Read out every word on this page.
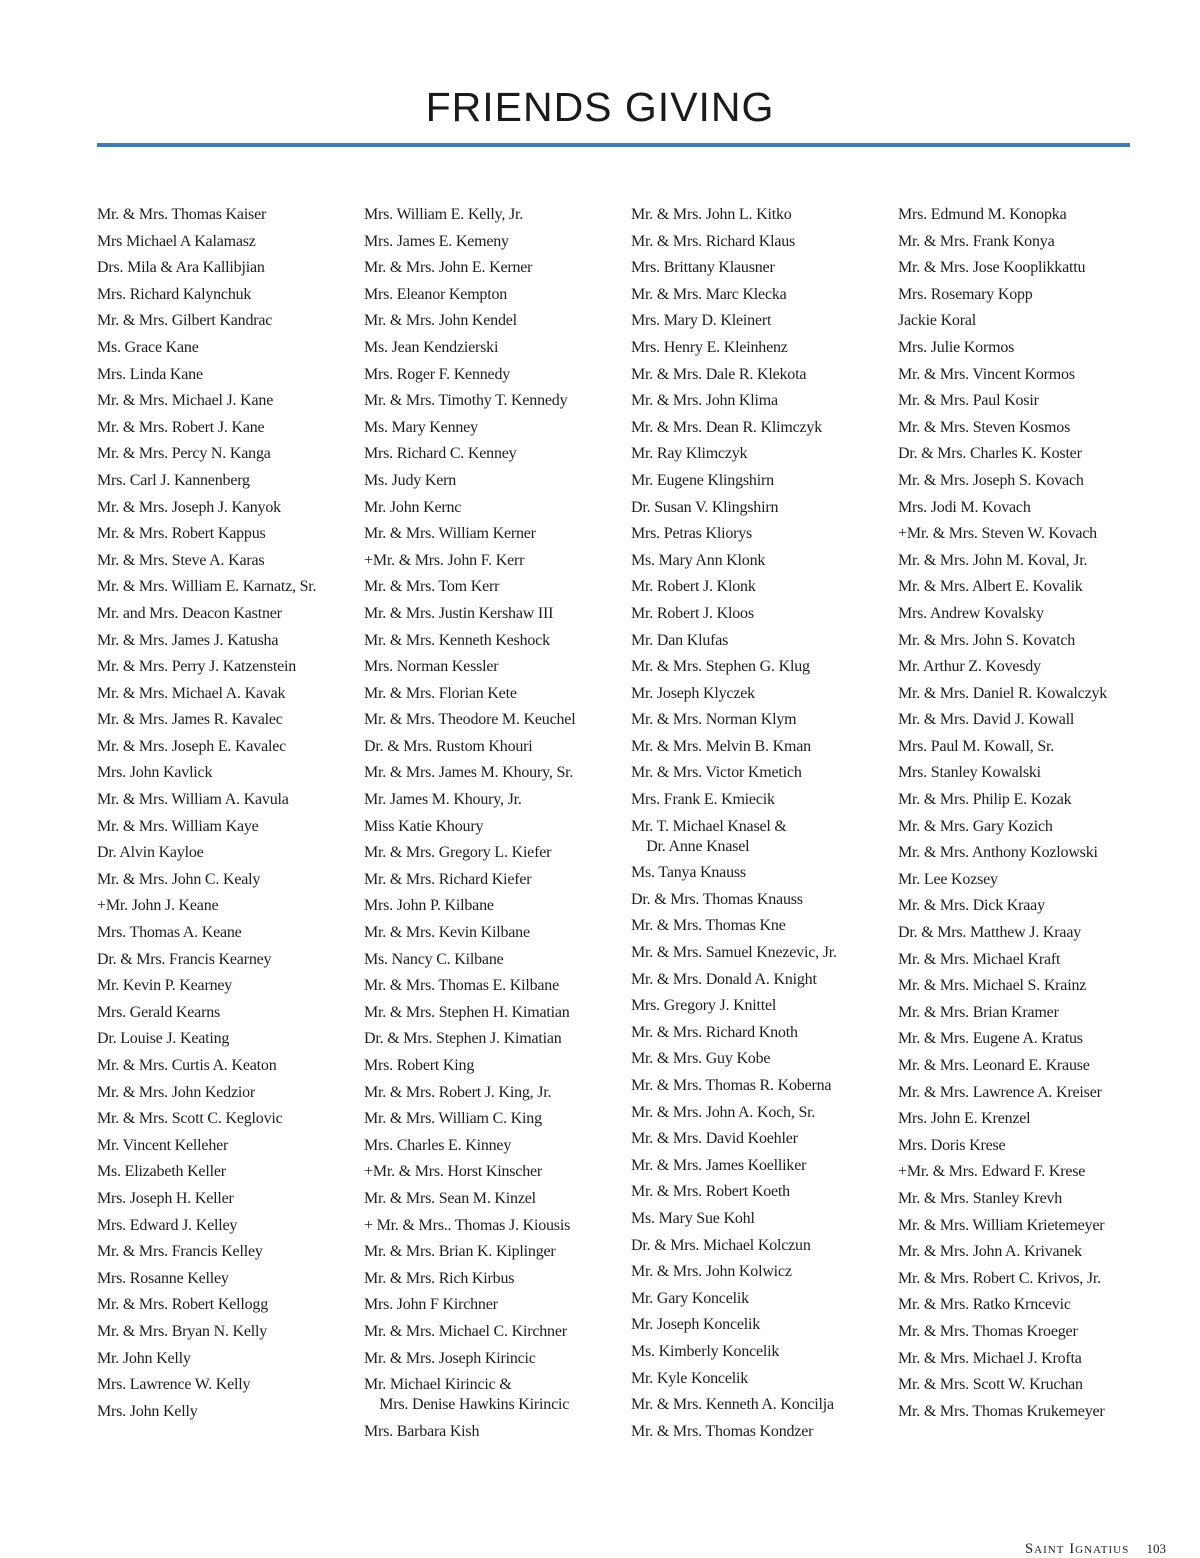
FRIENDS GIVING
Mr. & Mrs. Thomas Kaiser
Mrs Michael A Kalamasz
Drs. Mila & Ara Kallibjian
Mrs. Richard Kalynchuk
Mr. & Mrs. Gilbert Kandrac
Ms. Grace Kane
Mrs. Linda Kane
Mr. & Mrs. Michael J. Kane
Mr. & Mrs. Robert J. Kane
Mr. & Mrs. Percy N. Kanga
Mrs. Carl J. Kannenberg
Mr. & Mrs. Joseph J. Kanyok
Mr. & Mrs. Robert Kappus
Mr. & Mrs. Steve A. Karas
Mr. & Mrs. William E. Karnatz, Sr.
Mr. and Mrs. Deacon Kastner
Mr. & Mrs. James J. Katusha
Mr. & Mrs. Perry J. Katzenstein
Mr. & Mrs. Michael A. Kavak
Mr. & Mrs. James R. Kavalec
Mr. & Mrs. Joseph E. Kavalec
Mrs. John Kavlick
Mr. & Mrs. William A. Kavula
Mr. & Mrs. William Kaye
Dr. Alvin Kayloe
Mr. & Mrs. John C. Kealy
+Mr. John J. Keane
Mrs. Thomas A. Keane
Dr. & Mrs. Francis Kearney
Mr. Kevin P. Kearney
Mrs. Gerald Kearns
Dr. Louise J. Keating
Mr. & Mrs. Curtis A. Keaton
Mr. & Mrs. John Kedzior
Mr. & Mrs. Scott C. Keglovic
Mr. Vincent Kelleher
Ms. Elizabeth Keller
Mrs. Joseph H. Keller
Mrs. Edward J. Kelley
Mr. & Mrs. Francis Kelley
Mrs. Rosanne Kelley
Mr. & Mrs. Robert Kellogg
Mr. & Mrs. Bryan N. Kelly
Mr. John Kelly
Mrs. Lawrence W. Kelly
Mrs. John Kelly
Mrs. William E. Kelly, Jr.
Mrs. James E. Kemeny
Mr. & Mrs. John E. Kerner
Mrs. Eleanor Kempton
Mr. & Mrs. John Kendel
Ms. Jean Kendzierski
Mrs. Roger F. Kennedy
Mr. & Mrs. Timothy T. Kennedy
Ms. Mary Kenney
Mrs. Richard C. Kenney
Ms. Judy Kern
Mr. John Kernc
Mr. & Mrs. William Kerner
+Mr. & Mrs. John F. Kerr
Mr. & Mrs. Tom Kerr
Mr. & Mrs. Justin Kershaw III
Mr. & Mrs. Kenneth Keshock
Mrs. Norman Kessler
Mr. & Mrs. Florian Kete
Mr. & Mrs. Theodore M. Keuchel
Dr. & Mrs. Rustom Khouri
Mr. & Mrs. James M. Khoury, Sr.
Mr. James M. Khoury, Jr.
Miss Katie Khoury
Mr. & Mrs. Gregory L. Kiefer
Mr. & Mrs. Richard Kiefer
Mrs. John P. Kilbane
Mr. & Mrs. Kevin Kilbane
Ms. Nancy C. Kilbane
Mr. & Mrs. Thomas E. Kilbane
Mr. & Mrs. Stephen H. Kimatian
Dr. & Mrs. Stephen J. Kimatian
Mrs. Robert King
Mr. & Mrs. Robert J. King, Jr.
Mr. & Mrs. William C. King
Mrs. Charles E. Kinney
+Mr. & Mrs. Horst Kinscher
Mr. & Mrs. Sean M. Kinzel
+ Mr. & Mrs.. Thomas J. Kiousis
Mr. & Mrs. Brian K. Kiplinger
Mr. & Mrs. Rich Kirbus
Mrs. John F Kirchner
Mr. & Mrs. Michael C. Kirchner
Mr. & Mrs. Joseph Kirincic
Mr. Michael Kirincic &
Mrs. Denise Hawkins Kirincic
Mrs. Barbara Kish
Mr. & Mrs. John L. Kitko
Mr. & Mrs. Richard Klaus
Mrs. Brittany Klausner
Mr. & Mrs. Marc Klecka
Mrs. Mary D. Kleinert
Mrs. Henry E. Kleinhenz
Mr. & Mrs. Dale R. Klekota
Mr. & Mrs. John Klima
Mr. & Mrs. Dean R. Klimczyk
Mr. Ray Klimczyk
Mr. Eugene Klingshirn
Dr. Susan V. Klingshirn
Mrs. Petras Kliorys
Ms. Mary Ann Klonk
Mr. Robert J. Klonk
Mr. Robert J. Kloos
Mr. Dan Klufas
Mr. & Mrs. Stephen G. Klug
Mr. Joseph Klyczek
Mr. & Mrs. Norman Klym
Mr. & Mrs. Melvin B. Kman
Mr. & Mrs. Victor Kmetich
Mrs. Frank E. Kmiecik
Mr. T. Michael Knasel &
Dr. Anne Knasel
Ms. Tanya Knauss
Dr. & Mrs. Thomas Knauss
Mr. & Mrs. Thomas Kne
Mr. & Mrs. Samuel Knezevic, Jr.
Mr. & Mrs. Donald A. Knight
Mrs. Gregory J. Knittel
Mr. & Mrs. Richard Knoth
Mr. & Mrs. Guy Kobe
Mr. & Mrs. Thomas R. Koberna
Mr. & Mrs. John A. Koch, Sr.
Mr. & Mrs. David Koehler
Mr. & Mrs. James Koelliker
Mr. & Mrs. Robert Koeth
Ms. Mary Sue Kohl
Dr. & Mrs. Michael Kolczun
Mr. & Mrs. John Kolwicz
Mr. Gary Koncelik
Mr. Joseph Koncelik
Ms. Kimberly Koncelik
Mr. Kyle Koncelik
Mr. & Mrs. Kenneth A. Koncilja
Mr. & Mrs. Thomas Kondzer
Mrs. Edmund M. Konopka
Mr. & Mrs. Frank Konya
Mr. & Mrs. Jose Kooplikkattu
Mrs. Rosemary Kopp
Jackie Koral
Mrs. Julie Kormos
Mr. & Mrs. Vincent Kormos
Mr. & Mrs. Paul Kosir
Mr. & Mrs. Steven Kosmos
Dr. & Mrs. Charles K. Koster
Mr. & Mrs. Joseph S. Kovach
Mrs. Jodi M. Kovach
+Mr. & Mrs. Steven W. Kovach
Mr. & Mrs. John M. Koval, Jr.
Mr. & Mrs. Albert E. Kovalik
Mrs. Andrew Kovalsky
Mr. & Mrs. John S. Kovatch
Mr. Arthur Z. Kovesdy
Mr. & Mrs. Daniel R. Kowalczyk
Mr. & Mrs. David J. Kowall
Mrs. Paul M. Kowall, Sr.
Mrs. Stanley Kowalski
Mr. & Mrs. Philip E. Kozak
Mr. & Mrs. Gary Kozich
Mr. & Mrs. Anthony Kozlowski
Mr. Lee Kozsey
Mr. & Mrs. Dick Kraay
Dr. & Mrs. Matthew J. Kraay
Mr. & Mrs. Michael Kraft
Mr. & Mrs. Michael S. Krainz
Mr. & Mrs. Brian Kramer
Mr. & Mrs. Eugene A. Kratus
Mr. & Mrs. Leonard E. Krause
Mr. & Mrs. Lawrence A. Kreiser
Mrs. John E. Krenzel
Mrs. Doris Krese
+Mr. & Mrs. Edward F. Krese
Mr. & Mrs. Stanley Krevh
Mr. & Mrs. William Krietemeyer
Mr. & Mrs. John A. Krivanek
Mr. & Mrs. Robert C. Krivos, Jr.
Mr. & Mrs. Ratko Krncevic
Mr. & Mrs. Thomas Kroeger
Mr. & Mrs. Michael J. Krofta
Mr. & Mrs. Scott W. Kruchan
Mr. & Mrs. Thomas Krukemeyer
Saint Ignatius 103
